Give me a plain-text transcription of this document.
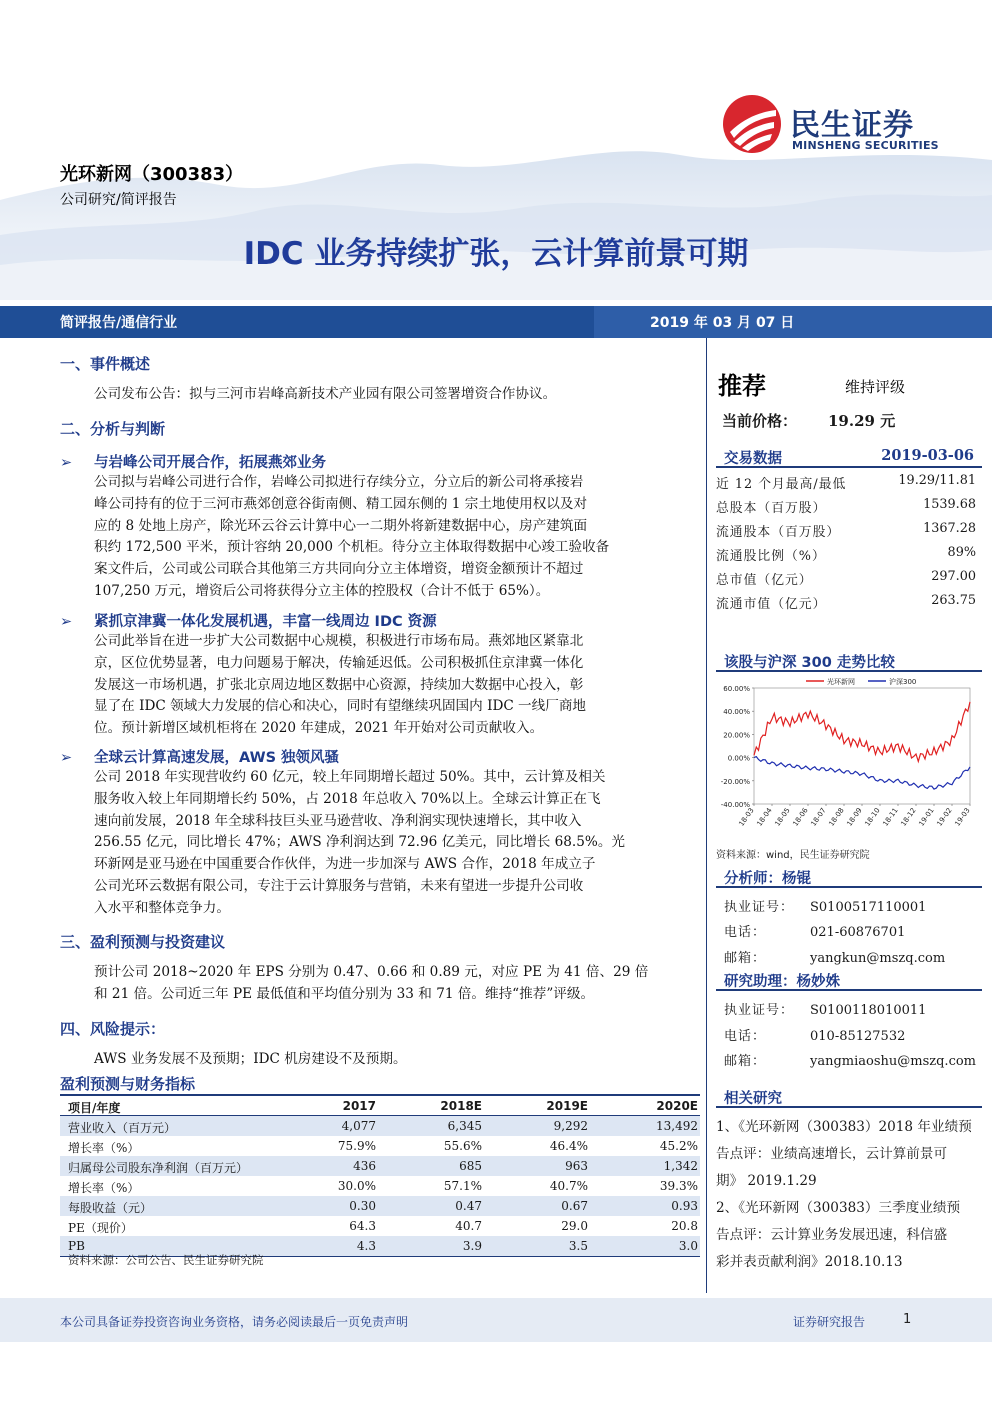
民生证券
MINSHENG SECURITIES
光环新网（300383）
公司研究/简评报告
IDC 业务持续扩张，云计算前景可期
简评报告/通信行业	2019 年 03 月 07 日
一、事件概述
公司发布公告：拟与三河市岩峰高新技术产业园有限公司签署增资合作协议。
二、分析与判断
➢ 与岩峰公司开展合作，拓展燕郊业务
公司拟与岩峰公司进行合作，岩峰公司拟进行存续分立，分立后的新公司将承接岩
峰公司持有的位于三河市燕郊创意谷街南侧、精工园东侧的 1 宗土地使用权以及对
应的 8 处地上房产，除光环云谷云计算中心一二期外将新建数据中心，房产建筑面
积约 172,500 平米，预计容纳 20,000 个机柜。待分立主体取得数据中心竣工验收备
案文件后，公司或公司联合其他第三方共同向分立主体增资，增资金额预计不超过
107,250 万元，增资后公司将获得分立主体的控股权（合计不低于 65%）。
➢ 紧抓京津冀一体化发展机遇，丰富一线周边 IDC 资源
公司此举旨在进一步扩大公司数据中心规模，积极进行市场布局。燕郊地区紧靠北
京，区位优势显著，电力问题易于解决，传输延迟低。公司积极抓住京津冀一体化
发展这一市场机遇，扩张北京周边地区数据中心资源，持续加大数据中心投入，彰
显了在 IDC 领域大力发展的信心和决心，同时有望继续巩固国内 IDC 一线厂商地
位。预计新增区域机柜将在 2020 年建成，2021 年开始对公司贡献收入。
➢ 全球云计算高速发展，AWS 独领风骚
公司 2018 年实现营收约 60 亿元，较上年同期增长超过 50%。其中，云计算及相关
服务收入较上年同期增长约 50%，占 2018 年总收入 70%以上。全球云计算正在飞
速向前发展，2018 年全球科技巨头亚马逊营收、净利润实现快速增长，其中收入
256.55 亿元，同比增长 47%；AWS 净利润达到 72.96 亿美元，同比增长 68.5%。光
环新网是亚马逊在中国重要合作伙伴，为进一步加深与 AWS 合作，2018 年成立子
公司光环云数据有限公司，专注于云计算服务与营销，未来有望进一步提升公司收
入水平和整体竞争力。
三、盈利预测与投资建议
预计公司 2018~2020 年 EPS 分别为 0.47、0.66 和 0.89 元，对应 PE 为 41 倍、29 倍
和 21 倍。公司近三年 PE 最低值和平均值分别为 33 和 71 倍。维持“推荐”评级。
四、风险提示：
AWS 业务发展不及预期；IDC 机房建设不及预期。
盈利预测与财务指标
项目/年度	2017	2018E	2019E	2020E
营业收入（百万元）	4,077	6,345	9,292	13,492
增长率（%）	75.9%	55.6%	46.4%	45.2%
归属母公司股东净利润（百万元）	436	685	963	1,342
增长率（%）	30.0%	57.1%	40.7%	39.3%
每股收益（元）	0.30	0.47	0.67	0.93
PE（现价）	64.3	40.7	29.0	20.8
PB	4.3	3.9	3.5	3.0
资料来源：公司公告、民生证券研究院
推荐	维持评级
当前价格： 19.29 元
交易数据	2019-03-06
近 12 个月最高/最低	19.29/11.81
总股本（百万股）	1539.68
流通股本（百万股）	1367.28
流通股比例（%）	89%
总市值（亿元）	297.00
流通市值（亿元）	263.75
该股与沪深 300 走势比较
60.00%
40.00%
20.00%
0.00%
-20.00%
-40.00%
18-03 18-04 18-05 18-06 18-07 18-08 18-09 18-10 18-11 18-12 19-01 19-02 19-03
光环新网	沪深300
资料来源：wind，民生证券研究院
分析师：杨锟
执业证号： S0100517110001
电话：	021-60876701
邮箱：	yangkun@mszq.com
研究助理：杨妙姝
执业证号： S0100118010011
电话：	010-85127532
邮箱：	yangmiaoshu@mszq.com
相关研究
1、《光环新网（300383）2018 年业绩预
告点评：业绩高速增长，云计算前景可
期》 2019.1.29
2、《光环新网（300383）三季度业绩预
告点评：云计算业务发展迅速，科信盛
彩并表贡献利润》2018.10.13
本公司具备证券投资咨询业务资格，请务必阅读最后一页免责声明	证券研究报告	1
